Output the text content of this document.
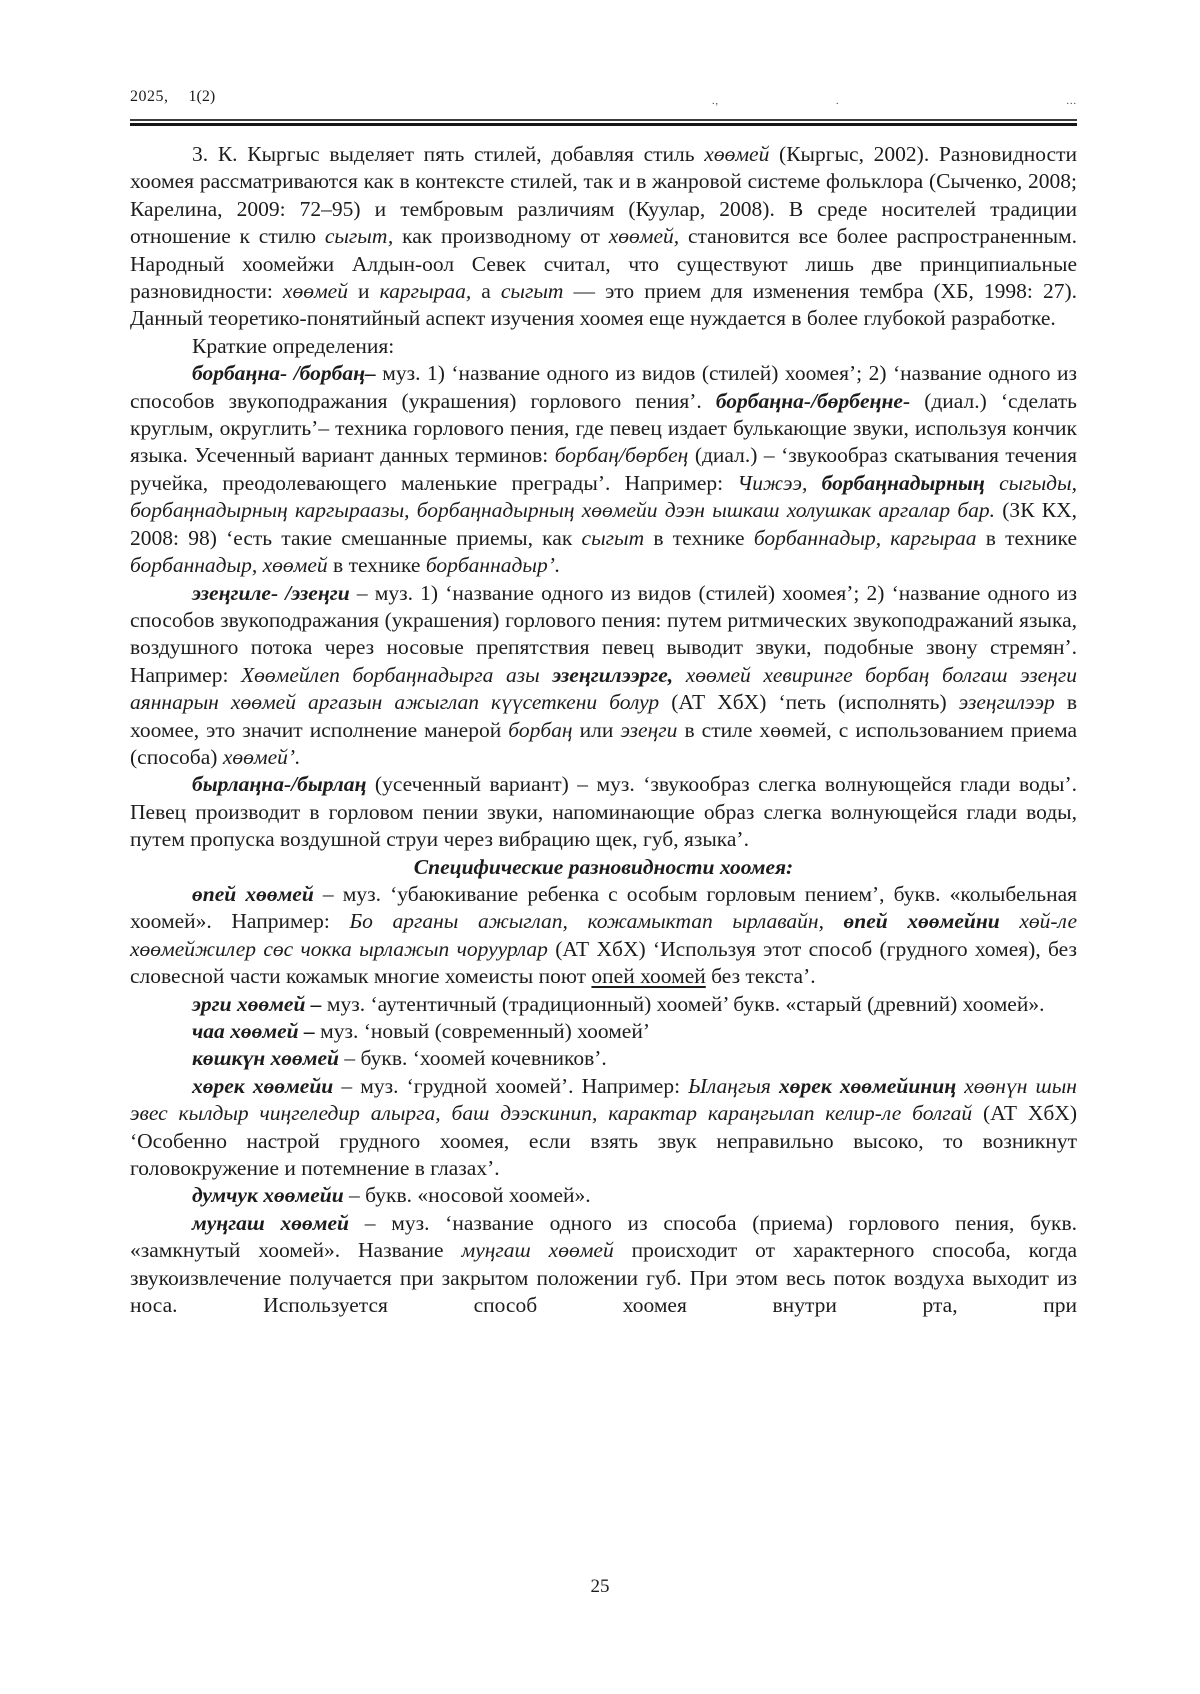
2025, 1(2)	.,	.	...

3. К. Кыргыс выделяет пять стилей, добавляя стиль хөөмей (Кыргыс, 2002). Разновидности хоомея рассматриваются как в контексте стилей, так и в жанровой системе фольклора (Сыченко, 2008; Карелина, 2009: 72–95) и тембровым различиям (Куулар, 2008). В среде носителей традиции отношение к стилю сыгыт, как производному от хөөмей, становится все более распространенным. Народный хоомейжи Алдын-оол Севек считал, что существуют лишь две принципиальные разновидности: хөөмей и каргыраа, а сыгыт — это прием для изменения тембра (ХБ, 1998: 27). Данный теоретико-понятийный аспект изучения хоомея еще нуждается в более глубокой разработке.

Краткие определения:

борбаңна- /борбаң– муз. 1) ‘название одного из видов (стилей) хоомея’; 2) ‘название одного из способов звукоподражания (украшения) горлового пения’. борбаңна-/бөрбеңне- (диал.) ‘сделать круглым, округлить’– техника горлового пения, где певец издает булькающие звуки, используя кончик языка. Усеченный вариант данных терминов: борбаң/бөрбең (диал.) – ‘звукообраз скатывания течения ручейка, преодолевающего маленькие преграды’. Например: Чижээ, борбаңнадырның сыгыды, борбаңнадырның каргыраазы, борбаңнадырның хөөмейи дээн ышкаш холушкак аргалар бар. (ЗК КХ, 2008: 98) ‘есть такие смешанные приемы, как сыгыт в технике борбаннадыр, каргыраа в технике борбаннадыр, хөөмей в технике борбаннадыр’.

эзеңгиле- /эзеңги – муз. 1) ‘название одного из видов (стилей) хоомея’; 2) ‘название одного из способов звукоподражания (украшения) горлового пения: путем ритмических звукоподражаний языка, воздушного потока через носовые препятствия певец выводит звуки, подобные звону стремян’. Например: Хөөмейлеп борбаңнадырга азы эзеңгилээрге, хөөмей хевиринге борбаң болгаш эзеңги аяннарын хөөмей аргазын ажыглап күүсеткени болур (АТ ХбХ) ‘петь (исполнять) эзеңгилээр в хоомее, это значит исполнение манерой борбаң или эзеңги в стиле хөөмей, с использованием приема (способа) хөөмей’.

бырлаңна-/бырлаң (усеченный вариант) – муз. ‘звукообраз слегка волнующейся глади воды’. Певец производит в горловом пении звуки, напоминающие образ слегка волнующейся глади воды, путем пропуска воздушной струи через вибрацию щек, губ, языка’.

Специфические разновидности хоомея:

өпей хөөмей – муз. ‘убаюкивание ребенка с особым горловым пением’, букв. «колыбельная хоомей». Например: Бо арганы ажыглап, кожамыктап ырлавайн, өпей хөөмейни хөй-ле хөөмейжилер сөс чокка ырлажып чоруурлар (АТ ХбХ) ‘Используя этот способ (грудного хомея), без словесной части кожамык многие хомеисты поют опей хоомей без текста’.

эрги хөөмей – муз. ‘аутентичный (традиционный) хоомей’ букв. «старый (древний) хоомей».

чаа хөөмей – муз. ‘новый (современный) хоомей’

көшкүн хөөмей – букв. ‘хоомей кочевников’.

хөрек хөөмейи – муз. ‘грудной хоомей’. Например: Ылаңгыя хөрек хөөмейиниң хөөнүн шын эвес кылдыр чиңгеледир алырга, баш дээскинип, карактар караңгылап келир-ле болгай (АТ ХбХ) ‘Особенно настрой грудного хоомея, если взять звук неправильно высоко, то возникнут головокружение и потемнение в глазах’.

думчук хөөмейи – букв. «носовой хоомей».

муңгаш хөөмей – муз. ‘название одного из способа (приема) горлового пения, букв. «замкнутый хоомей». Название муңгаш хөөмей происходит от характерного способа, когда звукоизвлечение получается при закрытом положении губ. При этом весь поток воздуха выходит из носа. Используется способ хоомея внутри рта, при

25
